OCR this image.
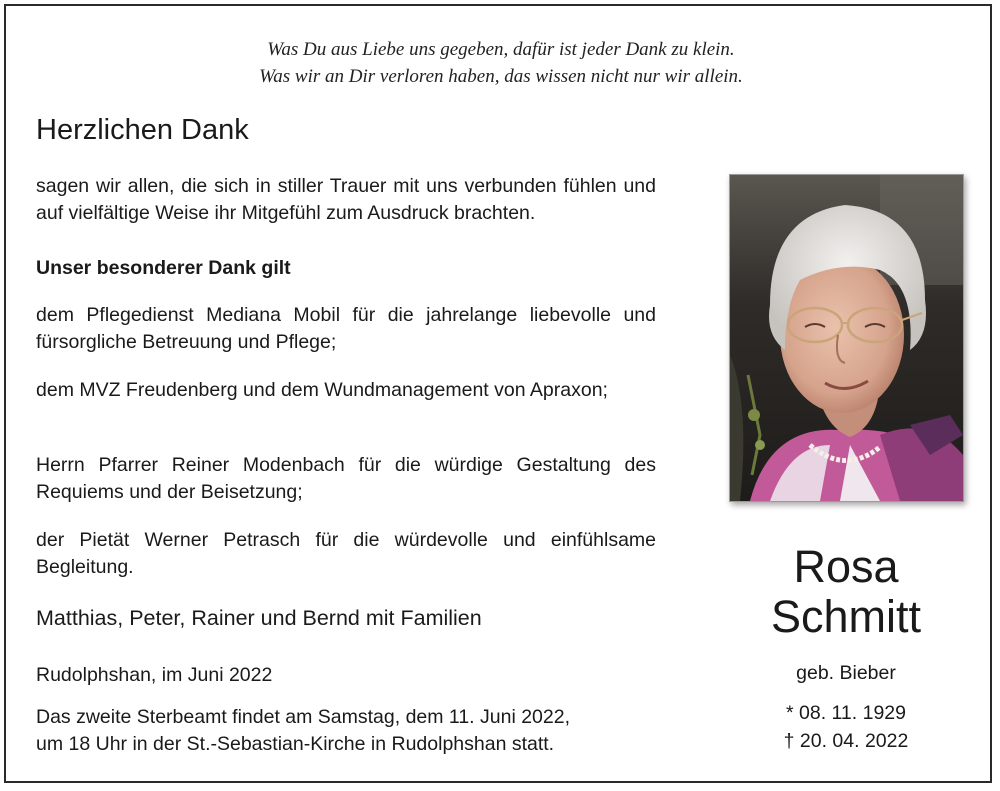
Was Du aus Liebe uns gegeben, dafür ist jeder Dank zu klein.
Was wir an Dir verloren haben, das wissen nicht nur wir allein.
Herzlichen Dank
sagen wir allen, die sich in stiller Trauer mit uns verbunden fühlen und auf vielfältige Weise ihr Mitgefühl zum Ausdruck brachten.
Unser besonderer Dank gilt
dem Pflegedienst Mediana Mobil für die jahrelange liebevolle und fürsorgliche Betreuung und Pflege;
dem MVZ Freudenberg und dem Wundmanagement von Apraxon;
Herrn Pfarrer Reiner Modenbach für die würdige Gestaltung des Requiems und der Beisetzung;
der Pietät Werner Petrasch für die würdevolle und einfühlsame Begleitung.
Matthias, Peter, Rainer und Bernd mit Familien
Rudolphshan, im Juni 2022
Das zweite Sterbeamt findet am Samstag, dem 11. Juni 2022,
um 18 Uhr in der St.-Sebastian-Kirche in Rudolphshan statt.
Rosa
Schmitt
geb. Bieber
* 08. 11. 1929
† 20. 04. 2022
